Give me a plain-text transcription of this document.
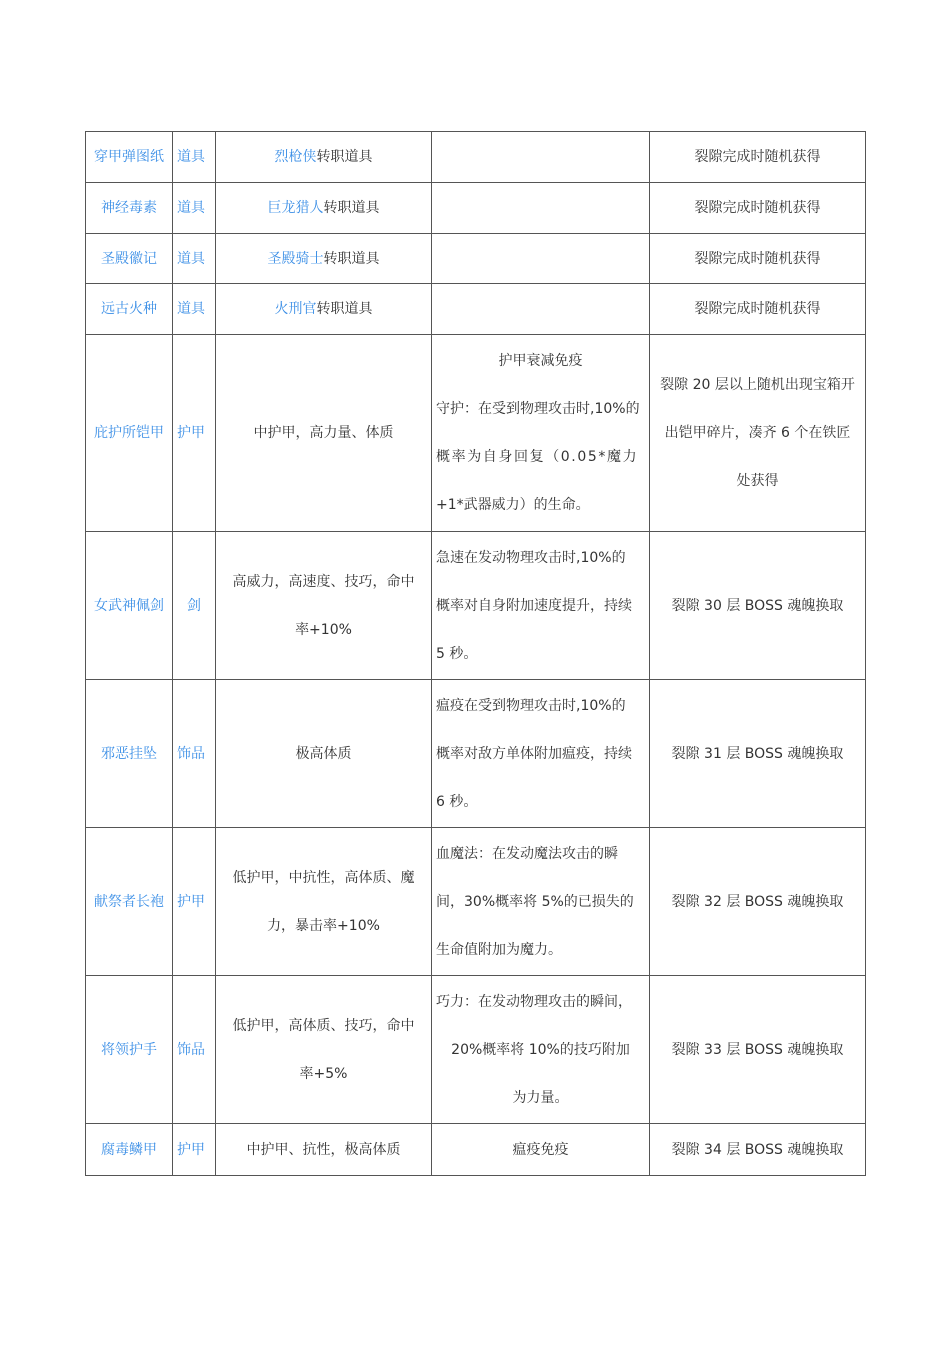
穿甲弹图纸	道具	烈枪侠转职道具		裂隙完成时随机获得
神经毒素	道具	巨龙猎人转职道具		裂隙完成时随机获得
圣殿徽记	道具	圣殿骑士转职道具		裂隙完成时随机获得
远古火种	道具	火刑官转职道具		裂隙完成时随机获得
庇护所铠甲	护甲	中护甲，高力量、体质	护甲衰减免疫
守护：在受到物理攻击时,10%的
概率为自身回复（0.05*魔力
+1*武器威力）的生命。	裂隙 20 层以上随机出现宝箱开
出铠甲碎片，凑齐 6 个在铁匠
处获得

女武神佩剑	剑	高威力，高速度、技巧，命中
率+10%	急速在发动物理攻击时,10%的
概率对自身附加速度提升，持续
5 秒。	裂隙 30 层 BOSS 魂魄换取
邪恶挂坠	饰品	极高体质	瘟疫在受到物理攻击时,10%的
概率对敌方单体附加瘟疫，持续
6 秒。	裂隙 31 层 BOSS 魂魄换取
献祭者长袍	护甲	低护甲，中抗性，高体质、魔
力，暴击率+10%	血魔法：在发动魔法攻击的瞬
间，30%概率将 5%的已损失的
生命值附加为魔力。	裂隙 32 层 BOSS 魂魄换取
将领护手	饰品	低护甲，高体质、技巧，命中
率+5%	巧力：在发动物理攻击的瞬间，
20%概率将 10%的技巧附加
为力量。	裂隙 33 层 BOSS 魂魄换取
腐毒鳞甲	护甲	中护甲、抗性，极高体质	瘟疫免疫	裂隙 34 层 BOSS 魂魄换取
